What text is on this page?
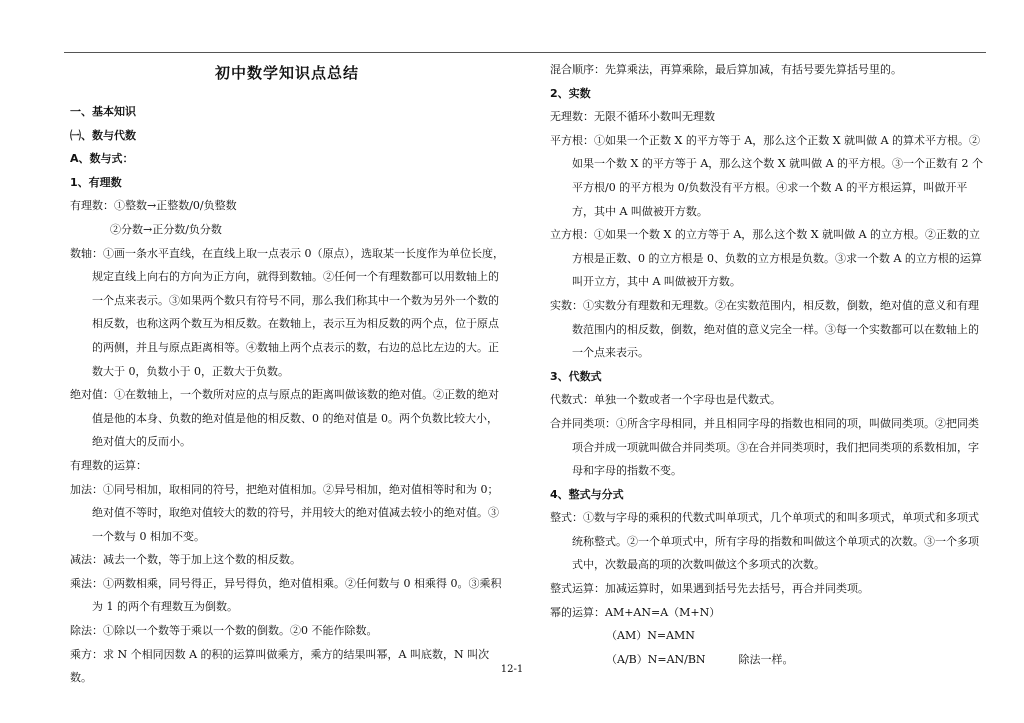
初中数学知识点总结
一、基本知识
㈠、数与代数
A、数与式：
1、有理数
有理数：①整数→正整数/0/负整数
②分数→正分数/负分数
数轴：①画一条水平直线，在直线上取一点表示 0（原点），选取某一长度作为单位长度，规定直线上向右的方向为正方向，就得到数轴。②任何一个有理数都可以用数轴上的一个点来表示。③如果两个数只有符号不同，那么我们称其中一个数为另外一个数的相反数，也称这两个数互为相反数。在数轴上，表示互为相反数的两个点，位于原点的两侧，并且与原点距离相等。④数轴上两个点表示的数，右边的总比左边的大。正数大于 0，负数小于 0，正数大于负数。
绝对值：①在数轴上，一个数所对应的点与原点的距离叫做该数的绝对值。②正数的绝对值是他的本身、负数的绝对值是他的相反数、0 的绝对值是 0。两个负数比较大小，绝对值大的反而小。
有理数的运算：
加法：①同号相加，取相同的符号，把绝对值相加。②异号相加，绝对值相等时和为 0；绝对值不等时，取绝对值较大的数的符号，并用较大的绝对值减去较小的绝对值。③一个数与 0 相加不变。
减法：减去一个数，等于加上这个数的相反数。
乘法：①两数相乘，同号得正，异号得负，绝对值相乘。②任何数与 0 相乘得 0。③乘积为 1 的两个有理数互为倒数。
除法：①除以一个数等于乘以一个数的倒数。②0 不能作除数。
乘方：求 N 个相同因数 A 的积的运算叫做乘方，乘方的结果叫幂，A 叫底数，N 叫次数。
混合顺序：先算乘法，再算乘除，最后算加减，有括号要先算括号里的。
2、实数
无理数：无限不循环小数叫无理数
平方根：①如果一个正数 X 的平方等于 A，那么这个正数 X 就叫做 A 的算术平方根。②如果一个数 X 的平方等于 A，那么这个数 X 就叫做 A 的平方根。③一个正数有 2 个平方根/0 的平方根为 0/负数没有平方根。④求一个数 A 的平方根运算，叫做开平方，其中 A 叫做被开方数。
立方根：①如果一个数 X 的立方等于 A，那么这个数 X 就叫做 A 的立方根。②正数的立方根是正数、0 的立方根是 0、负数的立方根是负数。③求一个数 A 的立方根的运算叫开立方，其中 A 叫做被开方数。
实数：①实数分有理数和无理数。②在实数范围内，相反数，倒数，绝对值的意义和有理数范围内的相反数，倒数，绝对值的意义完全一样。③每一个实数都可以在数轴上的一个点来表示。
3、代数式
代数式：单独一个数或者一个字母也是代数式。
合并同类项：①所含字母相同，并且相同字母的指数也相同的项，叫做同类项。②把同类项合并成一项就叫做合并同类项。③在合并同类项时，我们把同类项的系数相加，字母和字母的指数不变。
4、整式与分式
整式：①数与字母的乘积的代数式叫单项式，几个单项式的和叫多项式，单项式和多项式统称整式。②一个单项式中，所有字母的指数和叫做这个单项式的次数。③一个多项式中，次数最高的项的次数叫做这个多项式的次数。
整式运算：加减运算时，如果遇到括号先去括号，再合并同类项。
幂的运算：AM+AN=A（M+N）
（AM）N=AMN
（A/B）N=AN/BN　　　除法一样。
12-1
